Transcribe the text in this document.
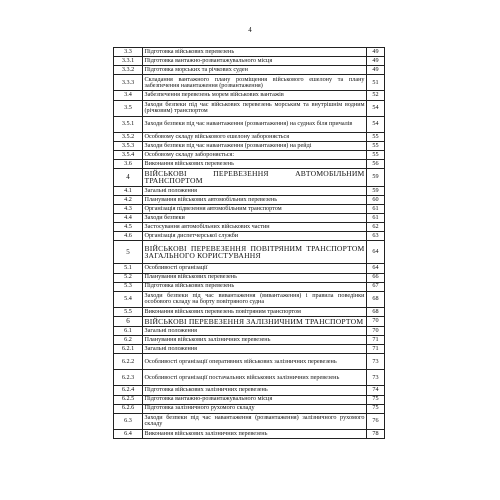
4
3.3	Підготовка військових перевезень	49
3.3.1	Підготовка вантажно-розвантажувального місця	49
3.3.2	Підготовка морських та річкових суден	49
3.3.3	Складання вантажного плану розміщення військового ешелону та плану забезпечення навантаження (розвантаження)	51
3.4	Забезпечення перевезень морем військових вантажів	52
3.5	Заходи безпеки під час військових перевезень морським та внутрішнім водним (річковим) транспортом	54
3.5.1	Заходи безпеки під час навантаження (розвантаження) на суднах біля причалів	54
3.5.2	Особовому складу військового ешелону забороняється	55
3.5.3	Заходи безпеки під час навантаження (розвантаження) на рейді	55
3.5.4	Особовому складу забороняється:	55
3.6	Виконання військових перевезень	56
4	ВІЙСЬКОВІ ПЕРЕВЕЗЕННЯ АВТОМОБІЛЬНИМ ТРАНСПОРТОМ	59
4.1	Загальні положення	59
4.2	Планування військових автомобільних перевезень	60
4.3	Організація підвезення автомобільним транспортом	61
4.4	Заходи безпеки	61
4.5	Застосування автомобільних військових частин	62
4.6	Організація диспетчерської служби	63
5	ВІЙСЬКОВІ ПЕРЕВЕЗЕННЯ ПОВІТРЯНИМ ТРАНСПОРТОМ ЗАГАЛЬНОГО КОРИСТУВАННЯ	64
5.1	Особливості організації	64
5.2	Планування військових перевезень	66
5.3	Підготовка військових перевезень	67
5.4	Заходи безпеки під час вивантаження (вивантаження) і правила поведінки особового складу на борту повітряного судна	68
5.5	Виконання військових перевезень повітряним транспортом	68
6	ВІЙСЬКОВІ ПЕРЕВЕЗЕННЯ ЗАЛІЗНИЧНИМ ТРАНСПОРТОМ	70
6.1	Загальні положення	70
6.2	Планування військових залізничних перевезень	71
6.2.1	Загальні положення	71
6.2.2	Особливості організації оперативних військових залізничних перевезень	73
6.2.3	Особливості організації постачальних військових залізничних перевезень	73
6.2.4	Підготовка військових залізничних перевезень	74
6.2.5	Підготовка вантажно-розвантажувального місця	75
6.2.6	Підготовка залізничного рухомого складу	75
6.3	Заходи безпеки під час навантаження (розвантаження) залізничного рухомого складу	76
6.4	Виконання військових залізничних перевезень	78
